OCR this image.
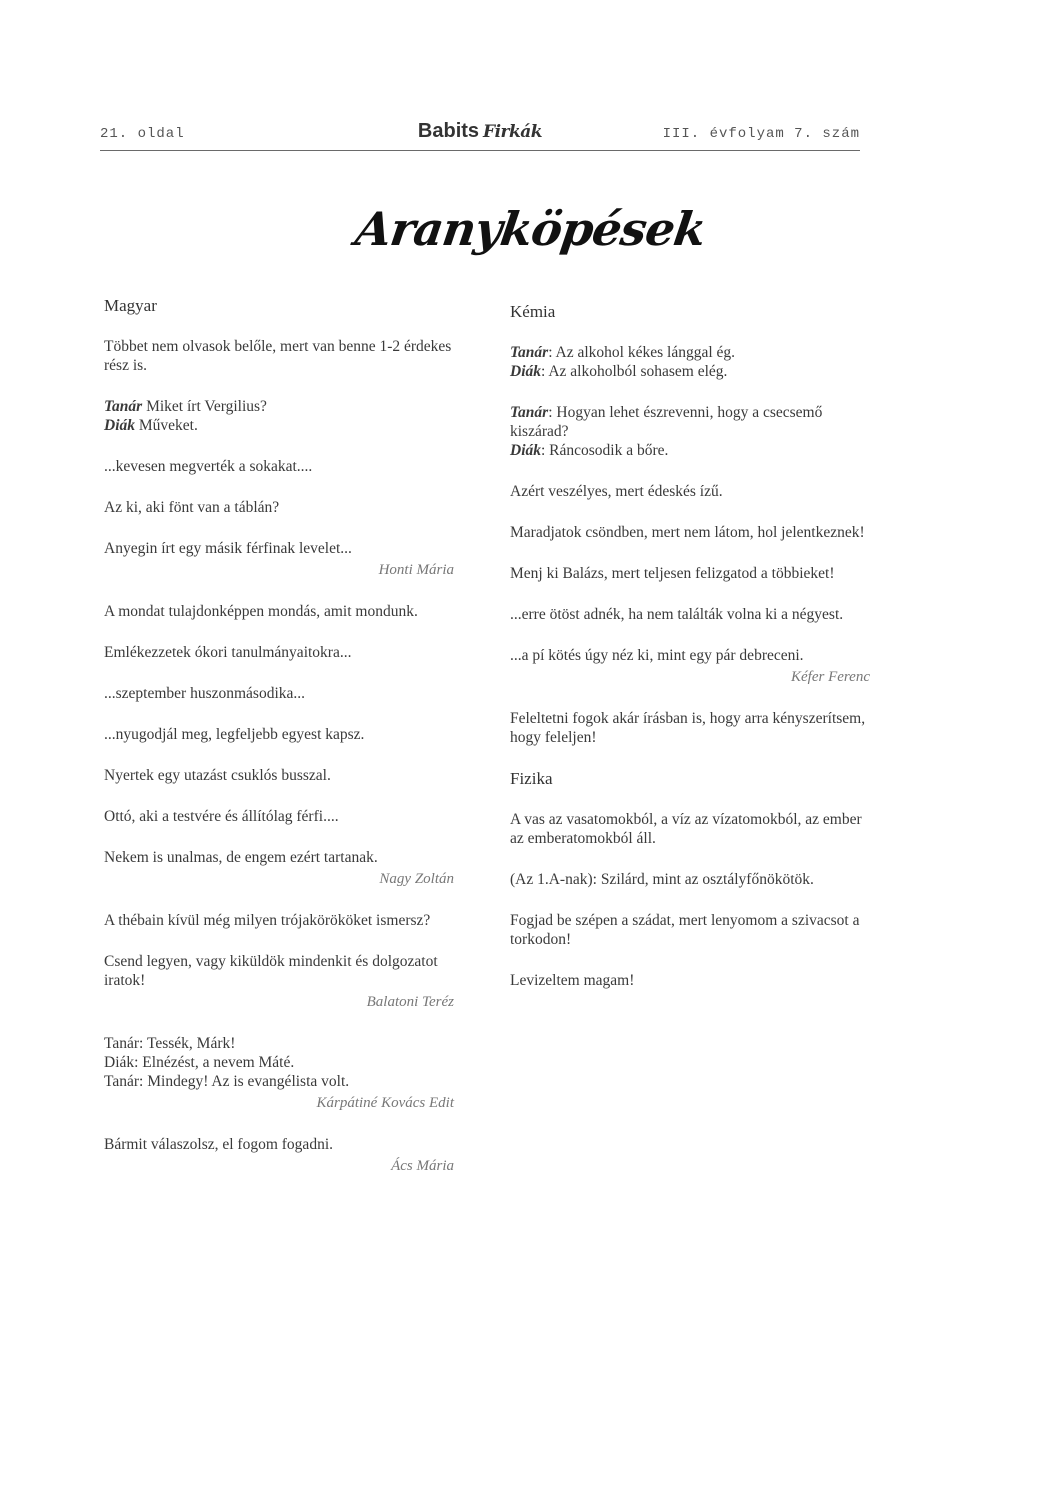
21. oldal	Babits Firkák	III. évfolyam 7. szám
Aranyköpések
Magyar

Többet nem olvasok belőle, mert van benne 1-2 érdekes rész is.

Tanár Miket írt Vergilius?

Diák Műveket.

...kevesen megverték a sokakat....

Az ki, aki fönt van a táblán?

Anyegin írt egy másik férfinak levelet...

Honti Mária

A mondat tulajdonképpen mondás, amit mondunk.

Emlékezzetek ókori tanulmányaitokra...

...szeptember huszonmásodika...

...nyugodjál meg, legfeljebb egyest kapsz.

Nyertek egy utazást csuklós busszal.

Ottó, aki a testvére és állítólag férfi....

Nekem is unalmas, de engem ezért tartanak.

Nagy Zoltán

A thébain kívül még milyen trójakörököket ismersz?

Csend legyen, vagy kiküldök mindenkit és dolgozatot iratok!

Balatoni Teréz

Tanár: Tessék, Márk!

Diák: Elnézést, a nevem Máté.

Tanár: Mindegy! Az is evangélista volt.

Kárpátiné Kovács Edit

Bármit válaszolsz, el fogom fogadni.

Ács Mária
Kémia

Tanár: Az alkohol kékes lánggal ég.

Diák: Az alkoholból sohasem elég.

Tanár: Hogyan lehet észrevenni, hogy a csecsemő kiszárad?

Diák: Ráncosodik a bőre.

Azért veszélyes, mert édeskés ízű.

Maradjatok csöndben, mert nem látom, hol jelentkeznek!

Menj ki Balázs, mert teljesen felizgatod a többieket!

...erre ötöst adnék, ha nem találták volna ki a négyest.

...a pí kötés úgy néz ki, mint egy pár debreceni.

Kéfer Ferenc

Feleltetni fogok akár írásban is, hogy arra kényszerítsem, hogy feleljen!

Fizika

A vas az vasatomokból, a víz az vízatomokból, az ember az emberatomokból áll.

(Az 1.A-nak): Szilárd, mint az osztályfőnökötök.

Fogjad be szépen a szádat, mert lenyomom a szivacsot a torkodon!

Levizeltem magam!
